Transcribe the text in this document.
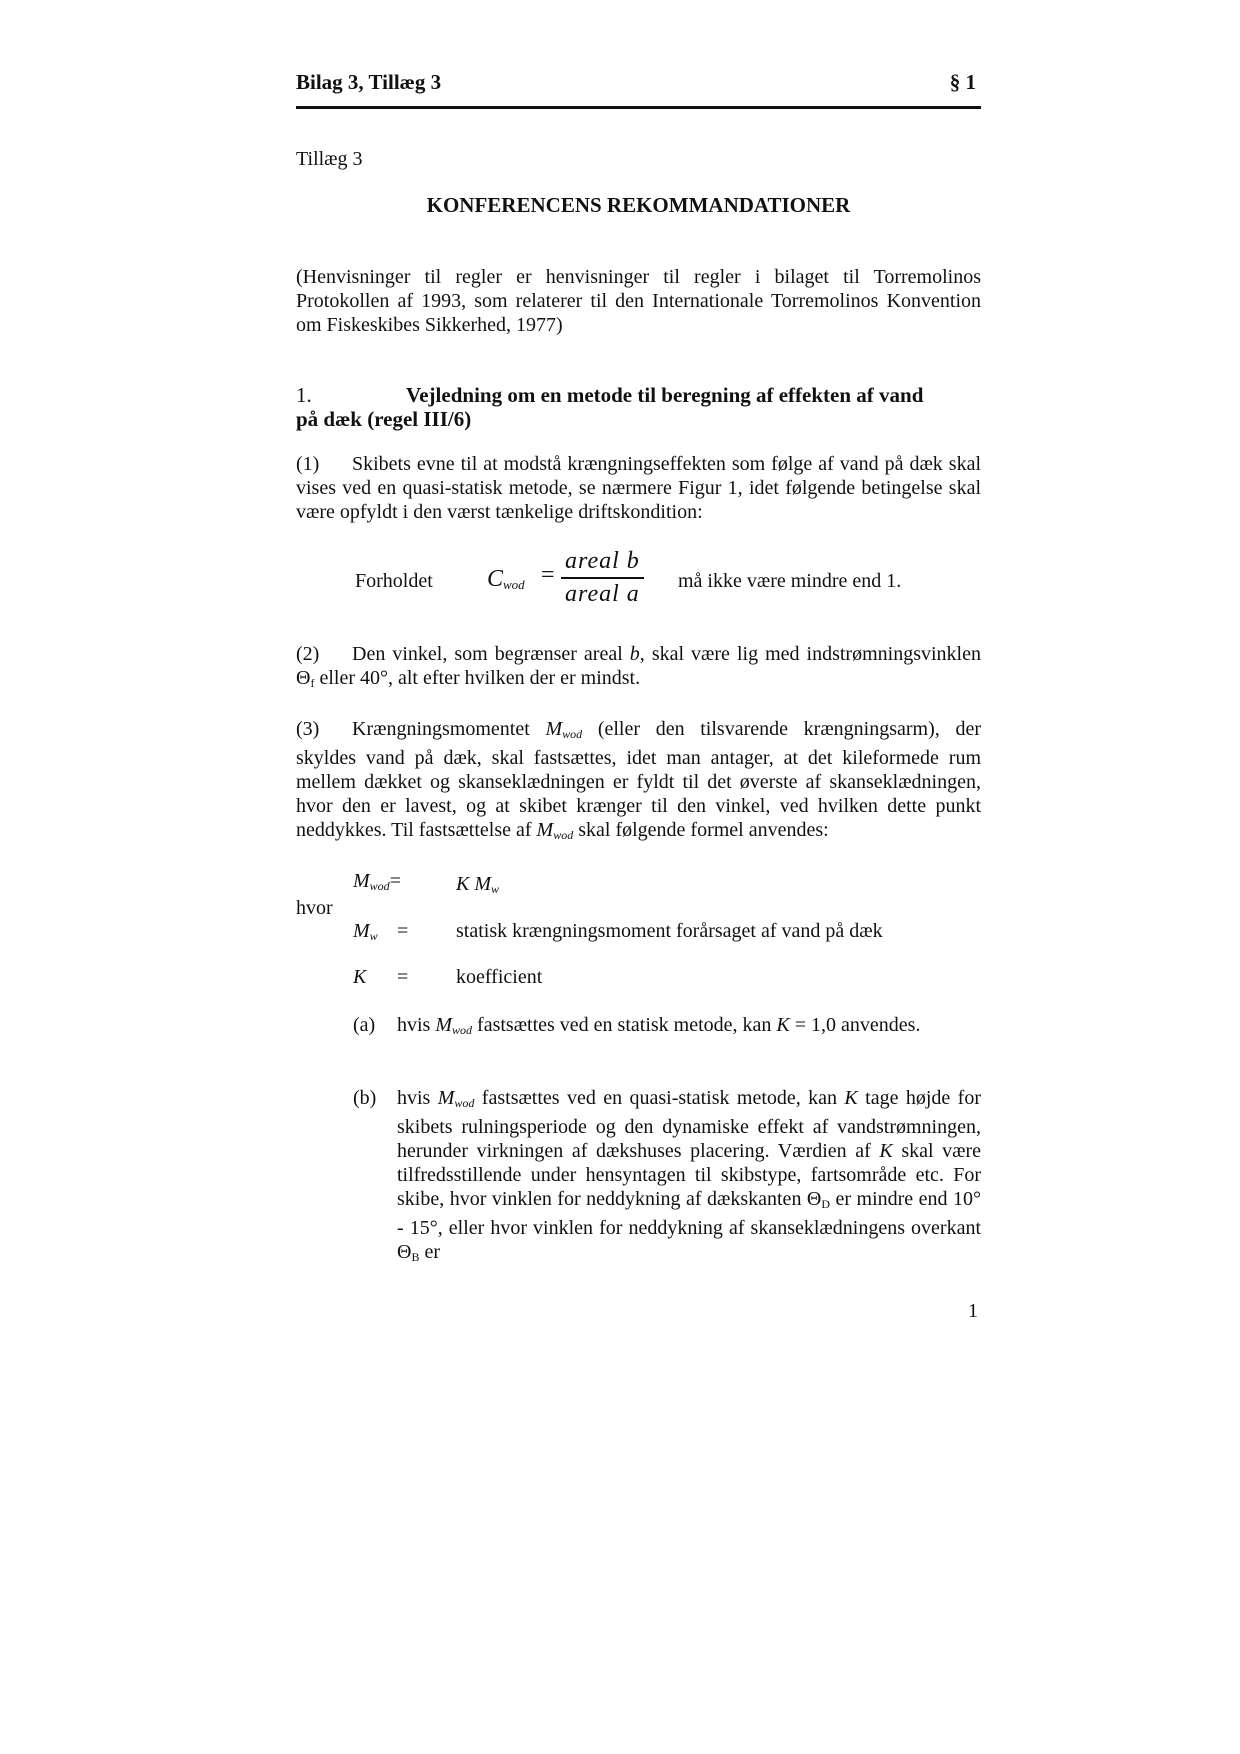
Bilag 3, Tillæg 3	§ 1
Tillæg 3
KONFERENCENS REKOMMANDATIONER
(Henvisninger til regler er henvisninger til regler i bilaget til Torremolinos Protokollen af 1993, som relaterer til den Internationale Torremolinos Konvention om Fiskeskibes Sikkerhed, 1977)
1.	Vejledning om en metode til beregning af effekten af vand
på dæk (regel III/6)
(1) Skibets evne til at modstå krængningseffekten som følge af vand på dæk skal vises ved en quasi-statisk metode, se nærmere Figur 1, idet følgende betingelse skal være opfyldt i den værst tænkelige driftskondition:
Forholdet $C_{wod}$ =
areal b
areal a må ikke være mindre end 1.
(2) Den vinkel, som begrænser areal b, skal være lig med indstrømningsvinklen $\Theta_f$ eller 40°, alt efter hvilken der er mindst.
(3) Krængningsmomentet $M_{wod}$ (eller den tilsvarende krængningsarm), der skyldes vand på dæk, skal fastsættes, idet man antager, at det kileformede rum mellem dækket og skanseklædningen er fyldt til det øverste af skanseklædningen, hvor den er lavest, og at skibet krænger til den vinkel, ved hvilken dette punkt neddykkes. Til fastsættelse af $M_{wod}$ skal følgende formel anvendes:
$M_{wod}=$	K $M_w$
hvor
$M_w$ = statisk krængningsmoment forårsaget af vand på dæk
K = koefficient
(a) hvis $M_{wod}$ fastsættes ved en statisk metode, kan K = 1,0 anvendes.
(b) hvis $M_{wod}$ fastsættes ved en quasi-statisk metode, kan K tage højde for skibets rulningsperiode og den dynamiske effekt af vandstrømningen, herunder virkningen af dækshuses placering. Værdien af K skal være tilfredsstillende under hensyntagen til skibstype, fartsområde etc. For skibe, hvor vinklen for neddykning af dækskanten $\Theta_D$ er mindre end 10° - 15°, eller hvor vinklen for neddykning af skanseklædningens overkant $\Theta_B$ er
1
